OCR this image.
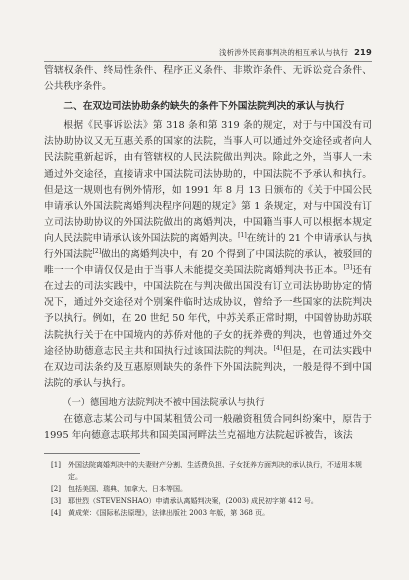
浅析涉外民商事判决的相互承认与执行 219

管辖权条件、终局性条件、程序正义条件、非欺诈条件、无诉讼竞合条件、公共秩序条件。

二、在双边司法协助条约缺失的条件下外国法院判决的承认与执行

根据《民事诉讼法》第 318 条和第 319 条的规定，对于与中国没有司法协助协议又无互惠关系的国家的法院，当事人可以通过外交途径或者向人民法院重新起诉，由有管辖权的人民法院做出判决。除此之外，当事人一未通过外交途径，直接请求中国法院司法协助的，中国法院不予承认和执行。但是这一规则也有例外情形，如 1991 年 8 月 13 日颁布的《关于中国公民申请承认外国法院离婚判决程序问题的规定》第 1 条规定，对与中国没有订立司法协助协议的外国法院做出的离婚判决，中国籍当事人可以根据本规定向人民法院申请承认该外国法院的离婚判决。[1]在统计的 21 个申请承认与执行外国法院[2]做出的离婚判决中，有 20 个得到了中国法院的承认，被驳回的唯一一个申请仅仅是由于当事人未能提交美国法院离婚判决书正本。[3]还有在过去的司法实践中，中国法院在与判决做出国没有订立司法协助协定的情况下，通过外交途径对个别案件临时达成协议，曾给予一些国家的法院判决予以执行。例如，在 20 世纪 50 年代，中苏关系正常时期，中国曾协助苏联法院执行关于在中国境内的苏侨对他的子女的抚养费的判决，也曾通过外交途径协助德意志民主共和国执行过该国法院的判决。[4]但是，在司法实践中在双边司法条约及互惠原则缺失的条件下外国法院判决，一般是得不到中国法院的承认与执行。

（一）德国地方法院判决不被中国法院承认与执行

在德意志某公司与中国某租赁公司一般融资租赁合同纠纷案中，原告于 1995 年向德意志联邦共和国美国河畔法兰克福地方法院起诉被告，该法

[1]	外国法院离婚判决中的夫妻财产分割、生活费负担、子女抚养方面判决的承认执行，不适用本规定。
[2]	包括美国、瑞典、加拿大、日本等国。
[3]	耶世烈（STEVENSHAO）申请承认离婚判决案，(2003) 成民初字第 412 号。
[4]	黄成荣：《国际私法原理》，法律出版社 2003 年版，第 368 页。
